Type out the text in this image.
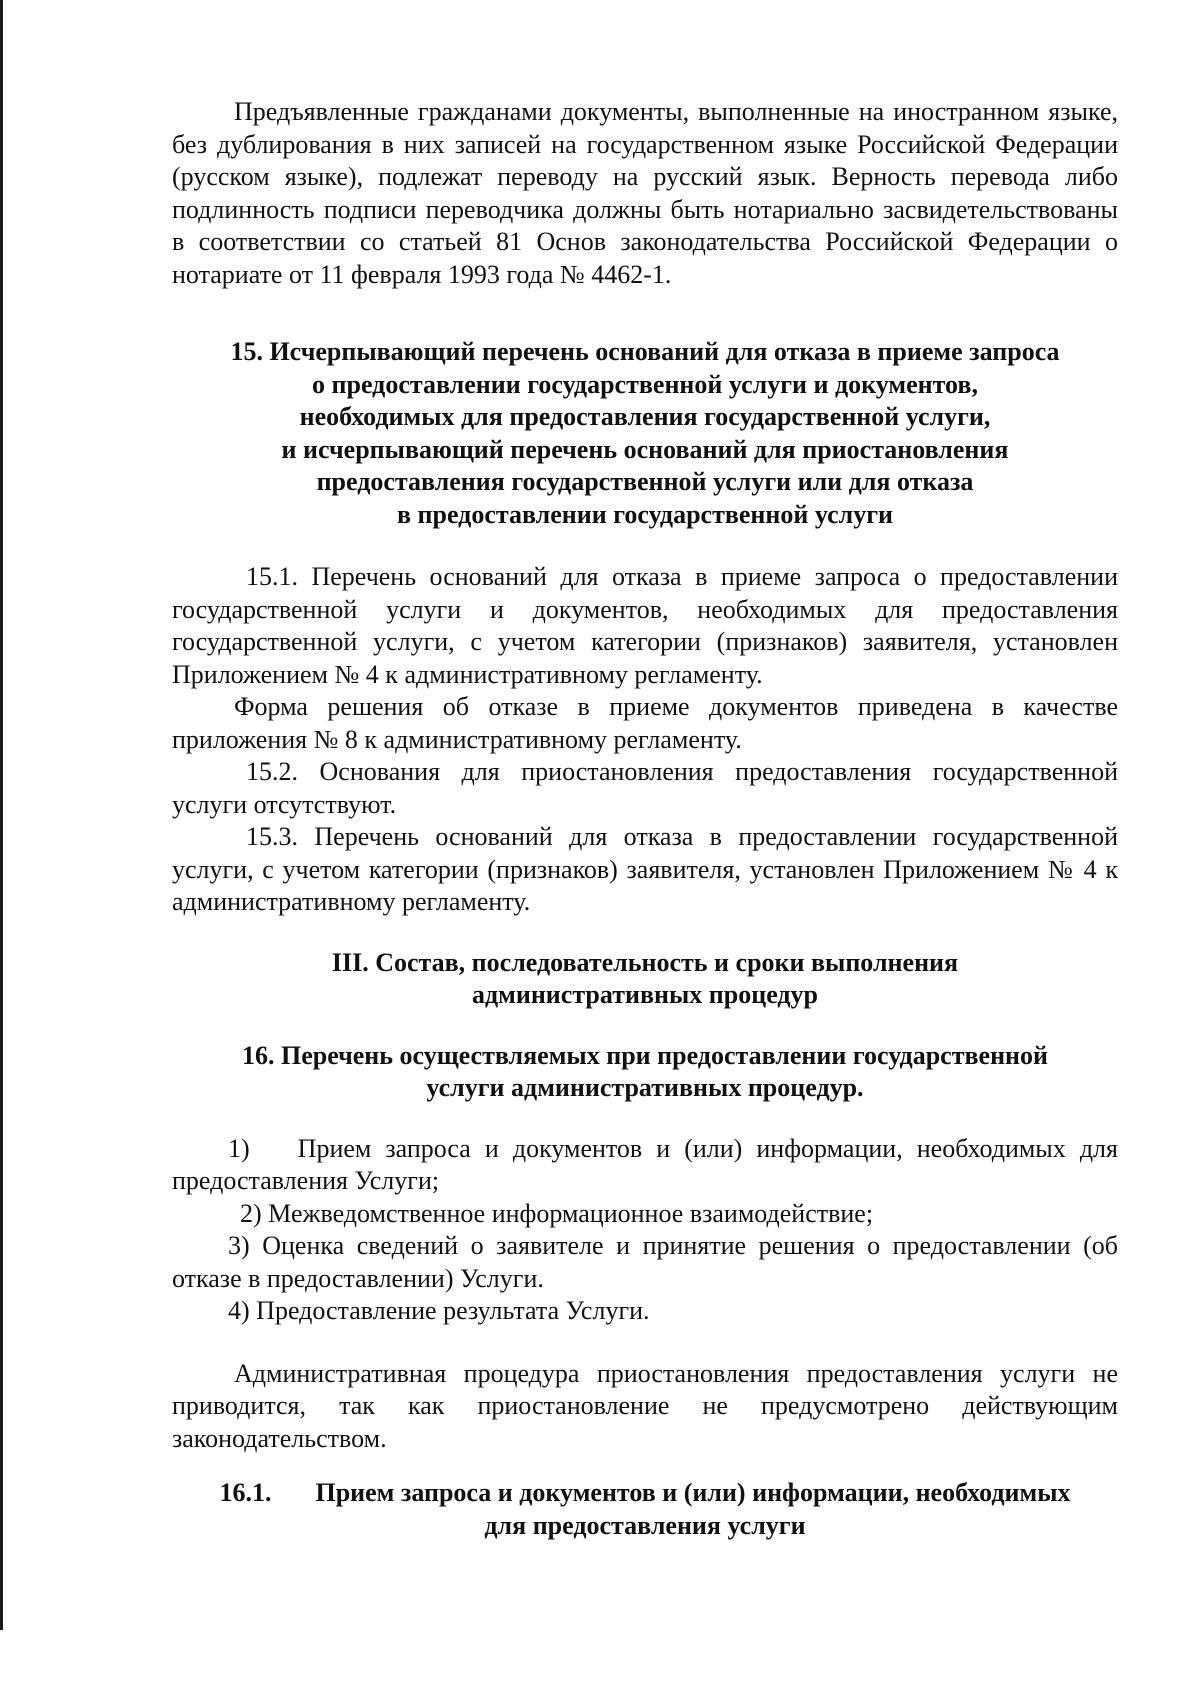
Предъявленные гражданами документы, выполненные на иностранном языке, без дублирования в них записей на государственном языке Российской Федерации (русском языке), подлежат переводу на русский язык. Верность перевода либо подлинность подписи переводчика должны быть нотариально засвидетельствованы в соответствии со статьей 81 Основ законодательства Российской Федерации о нотариате от 11 февраля 1993 года № 4462-1.

15. Исчерпывающий перечень оснований для отказа в приеме запроса
о предоставлении государственной услуги и документов,
необходимых для предоставления государственной услуги,
и исчерпывающий перечень оснований для приостановления
предоставления государственной услуги или для отказа
в предоставлении государственной услуги

15.1. Перечень оснований для отказа в приеме запроса о предоставлении государственной услуги и документов, необходимых для предоставления государственной услуги, с учетом категории (признаков) заявителя, установлен Приложением № 4 к административному регламенту.

Форма решения об отказе в приеме документов приведена в качестве приложения № 8 к административному регламенту.

15.2. Основания для приостановления предоставления государственной услуги отсутствуют.

15.3. Перечень оснований для отказа в предоставлении государственной услуги, с учетом категории (признаков) заявителя, установлен Приложением № 4 к административному регламенту.

III. Состав, последовательность и сроки выполнения
административных процедур
16. Перечень осуществляемых при предоставлении государственной
услуги административных процедур.

1) Прием запроса и документов и (или) информации, необходимых для предоставления Услуги;

2) Межведомственное информационное взаимодействие;

3) Оценка сведений о заявителе и принятие решения о предоставлении (об отказе в предоставлении) Услуги.

4) Предоставление результата Услуги.

Административная процедура приостановления предоставления услуги не приводится, так как приостановление не предусмотрено действующим законодательством.

16.1. Прием запроса и документов и (или) информации, необходимых
для предоставления услуги
